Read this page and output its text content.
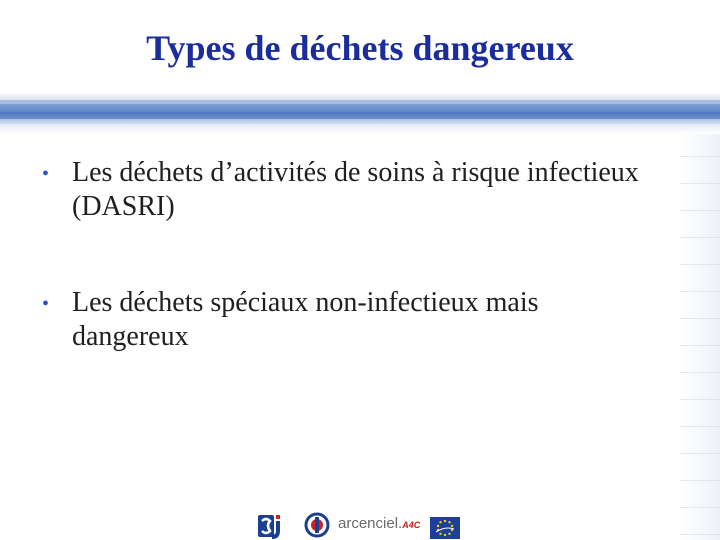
Types de déchets dangereux
• Les déchets d’activités de soins à risque infectieux (DASRI)
• Les déchets spéciaux non-infectieux mais dangereux
arcenciel.A4C
